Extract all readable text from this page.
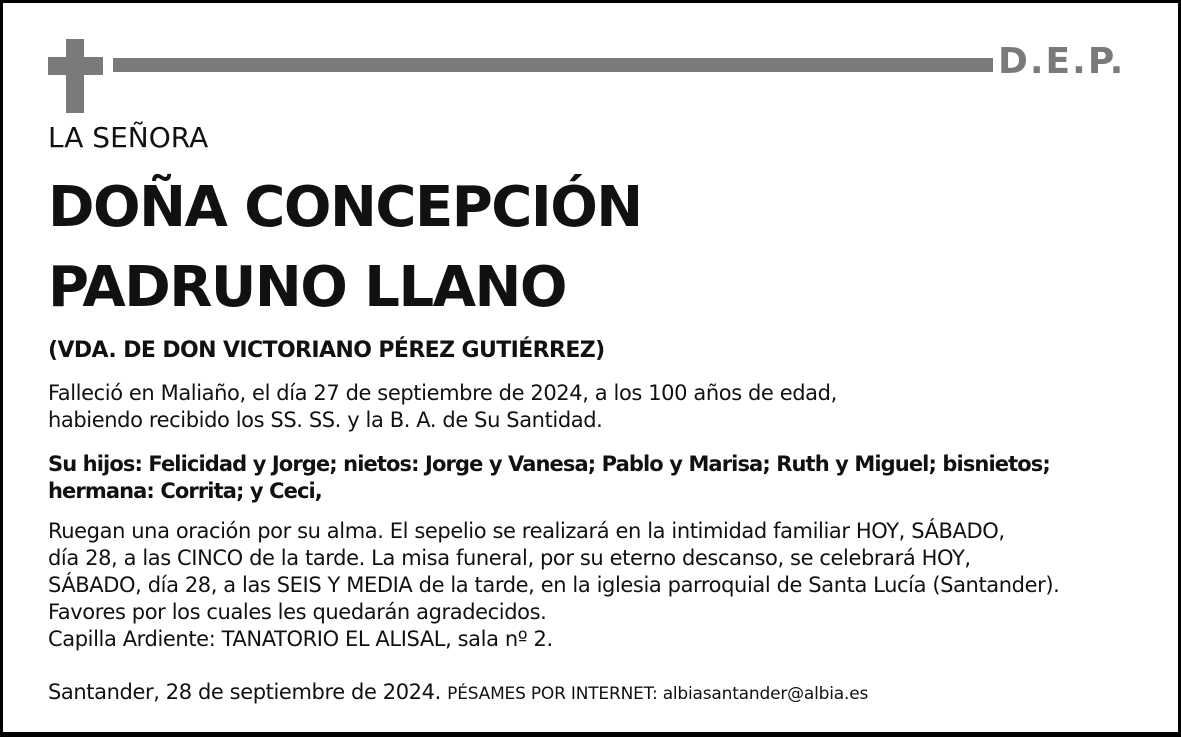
D.E.P.
LA SEÑORA
DOÑA CONCEPCIÓN
PADRUNO LLANO
(VDA. DE DON VICTORIANO PÉREZ GUTIÉRREZ)
Falleció en Maliaño, el día 27 de septiembre de 2024, a los 100 años de edad,
habiendo recibido los SS. SS. y la B. A. de Su Santidad.
Su hijos: Felicidad y Jorge; nietos: Jorge y Vanesa; Pablo y Marisa; Ruth y Miguel; bisnietos;
hermana: Corrita; y Ceci,
Ruegan una oración por su alma. El sepelio se realizará en la intimidad familiar HOY, SÁBADO,
día 28, a las CINCO de la tarde. La misa funeral, por su eterno descanso, se celebrará HOY,
SÁBADO, día 28, a las SEIS Y MEDIA de la tarde, en la iglesia parroquial de Santa Lucía (Santander).
Favores por los cuales les quedarán agradecidos.
Capilla Ardiente: TANATORIO EL ALISAL, sala nº 2.
Santander, 28 de septiembre de 2024. PÉSAMES POR INTERNET: albiasantander@albia.es
